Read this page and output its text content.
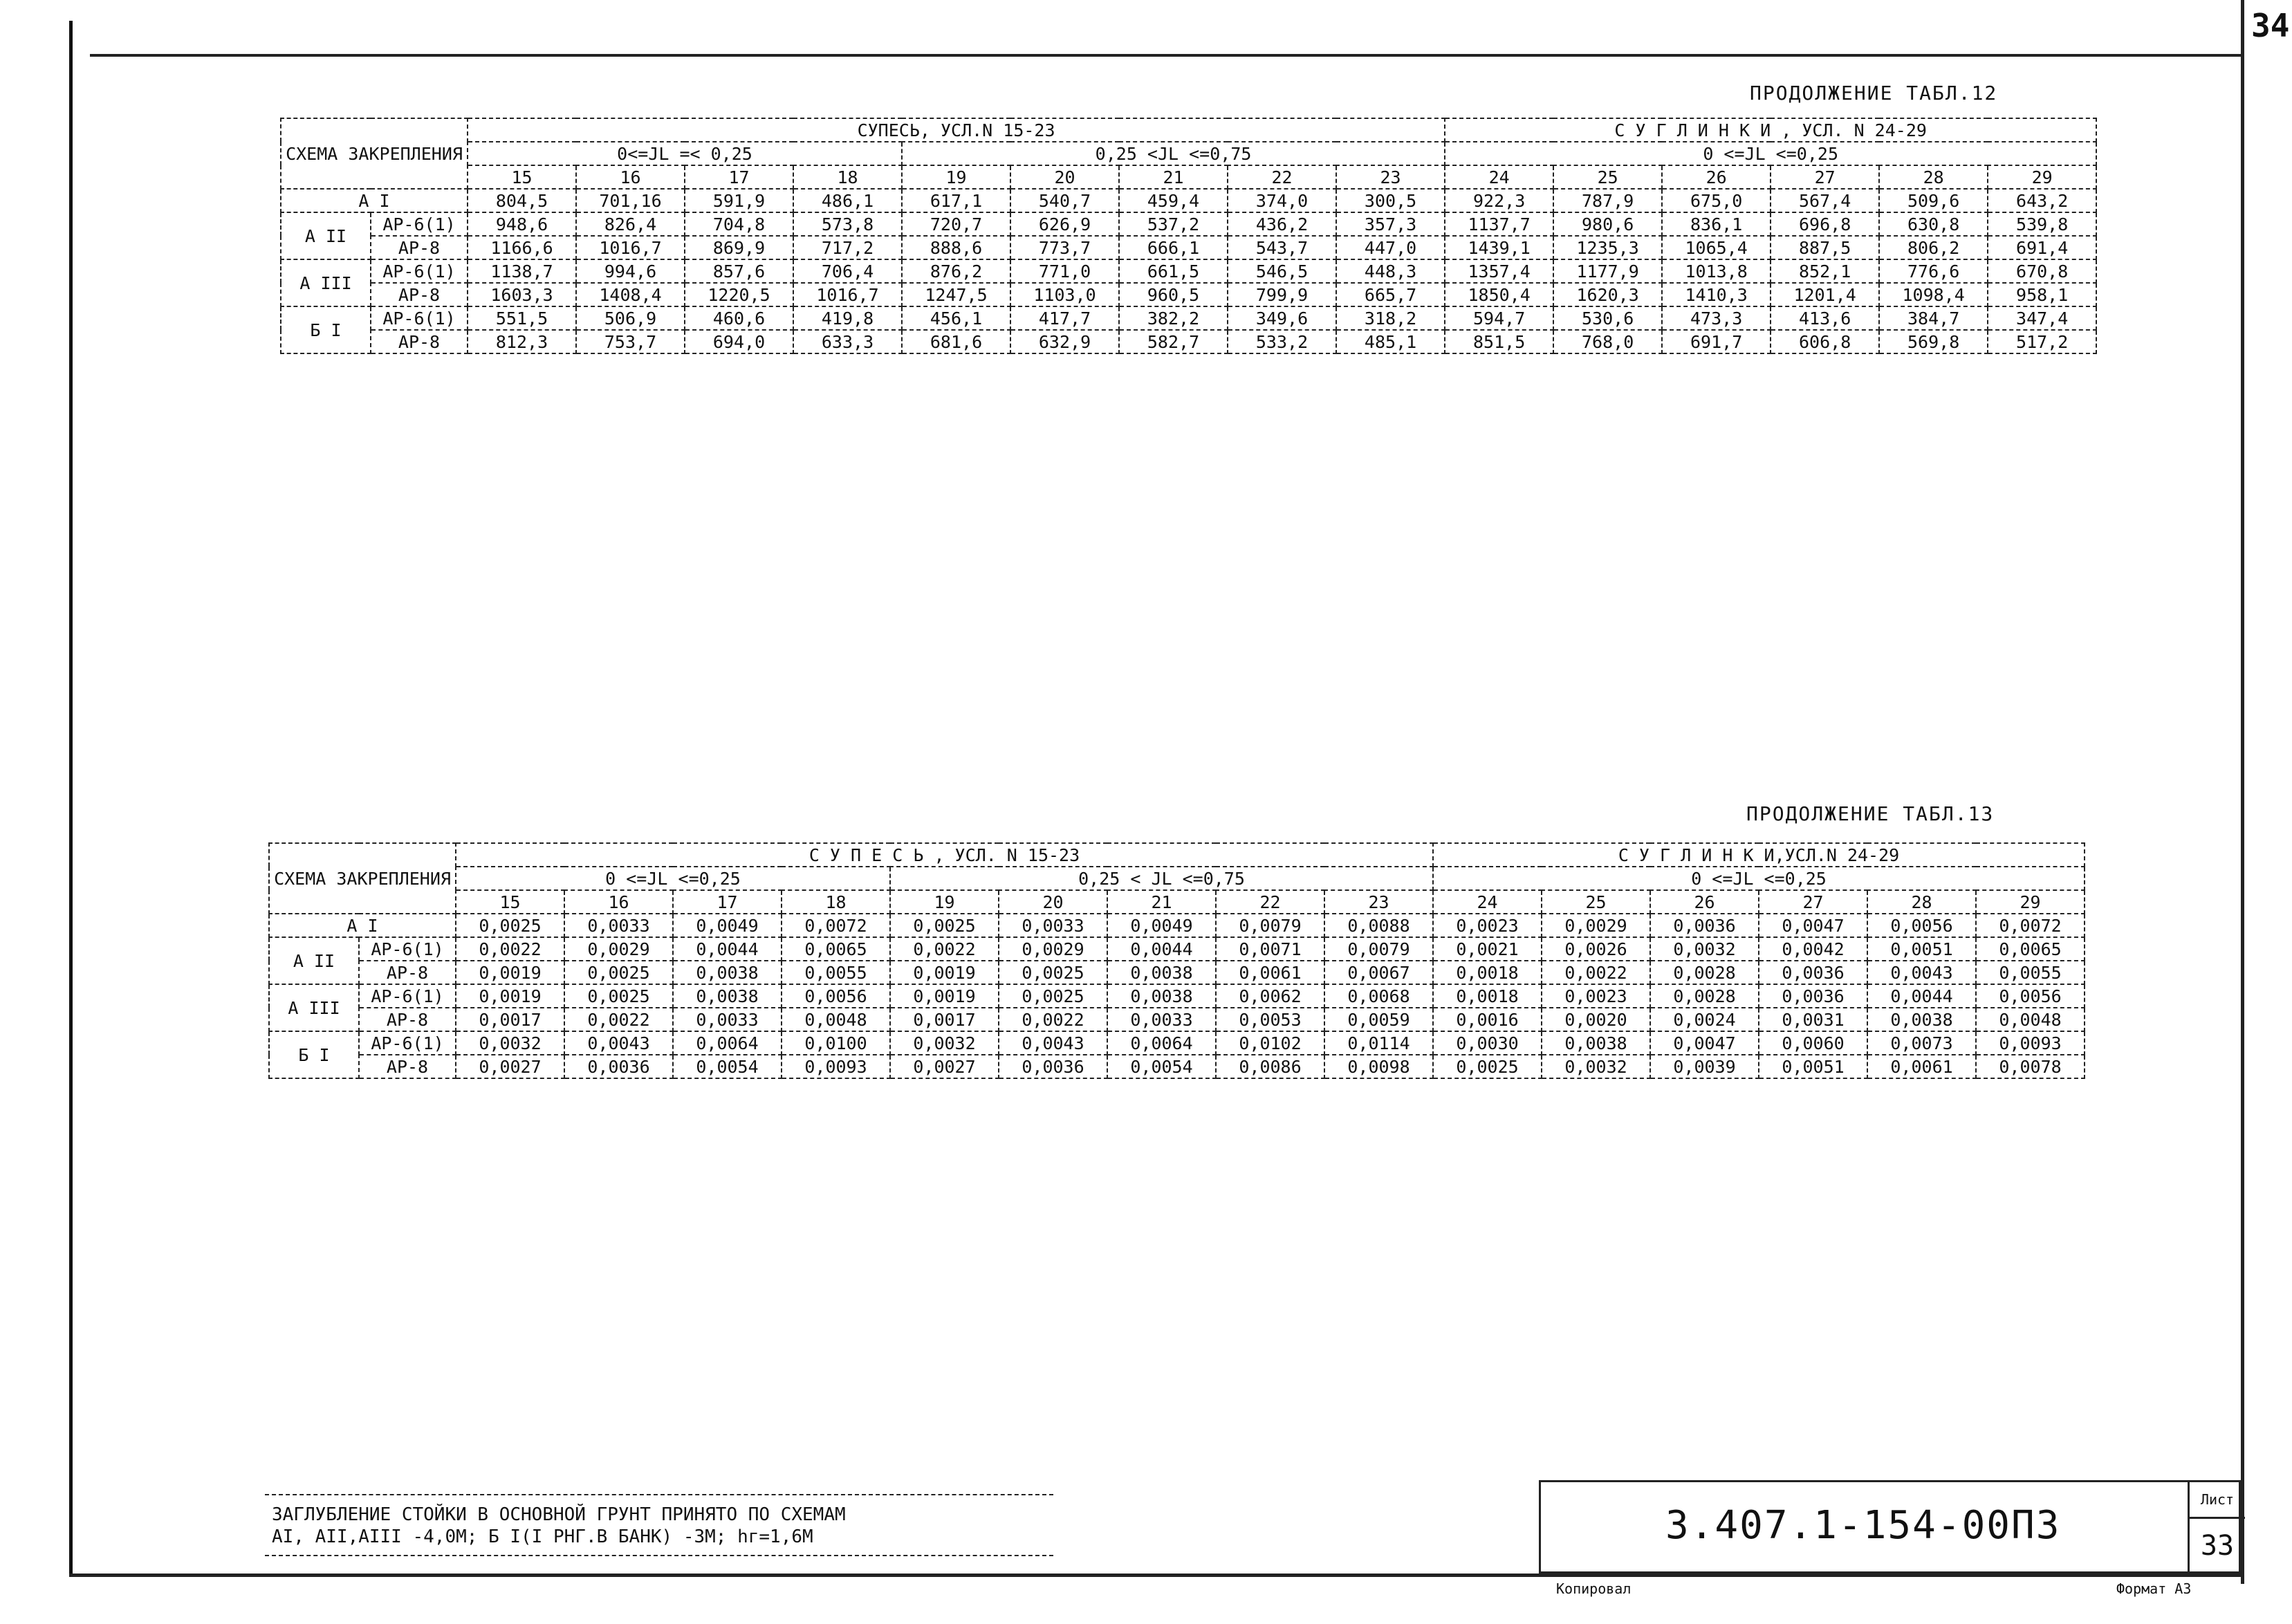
34
ПРОДОЛЖЕНИЕ ТАБЛ.12
СХЕМА ЗАКРЕПЛЕНИЯ		СУПЕСЬ, УСЛ.N 15-23									С У Г Л И Н К И , УСЛ. N 24-29					
		0<=JL =< 0,25				0,25 <JL <=0,75					0 <=JL <=0,25					
		15	16	17	18	19	20	21	22	23	24	25	26	27	28	29
А I		804,5	701,16	591,9	486,1	617,1	540,7	459,4	374,0	300,5	922,3	787,9	675,0	567,4	509,6	643,2
А II	АР-6(1)	948,6	826,4	704,8	573,8	720,7	626,9	537,2	436,2	357,3	1137,7	980,6	836,1	696,8	630,8	539,8
	АР-8	1166,6	1016,7	869,9	717,2	888,6	773,7	666,1	543,7	447,0	1439,1	1235,3	1065,4	887,5	806,2	691,4
А III	АР-6(1)	1138,7	994,6	857,6	706,4	876,2	771,0	661,5	546,5	448,3	1357,4	1177,9	1013,8	852,1	776,6	670,8
	АР-8	1603,3	1408,4	1220,5	1016,7	1247,5	1103,0	960,5	799,9	665,7	1850,4	1620,3	1410,3	1201,4	1098,4	958,1
Б I	АР-6(1)	551,5	506,9	460,6	419,8	456,1	417,7	382,2	349,6	318,2	594,7	530,6	473,3	413,6	384,7	347,4
	АР-8	812,3	753,7	694,0	633,3	681,6	632,9	582,7	533,2	485,1	851,5	768,0	691,7	606,8	569,8	517,2
ПРОДОЛЖЕНИЕ ТАБЛ.13
СХЕМА ЗАКРЕПЛЕНИЯ		С У П Е С Ь , УСЛ. N 15-23									С У Г Л И Н К И,УСЛ.N 24-29					
		0 <=JL <=0,25				0,25 < JL <=0,75					0 <=JL <=0,25					
		15	16	17	18	19	20	21	22	23	24	25	26	27	28	29
А I		0,0025	0,0033	0,0049	0,0072	0,0025	0,0033	0,0049	0,0079	0,0088	0,0023	0,0029	0,0036	0,0047	0,0056	0,0072
А II	АР-6(1)	0,0022	0,0029	0,0044	0,0065	0,0022	0,0029	0,0044	0,0071	0,0079	0,0021	0,0026	0,0032	0,0042	0,0051	0,0065
	АР-8	0,0019	0,0025	0,0038	0,0055	0,0019	0,0025	0,0038	0,0061	0,0067	0,0018	0,0022	0,0028	0,0036	0,0043	0,0055
А III	АР-6(1)	0,0019	0,0025	0,0038	0,0056	0,0019	0,0025	0,0038	0,0062	0,0068	0,0018	0,0023	0,0028	0,0036	0,0044	0,0056
	АР-8	0,0017	0,0022	0,0033	0,0048	0,0017	0,0022	0,0033	0,0053	0,0059	0,0016	0,0020	0,0024	0,0031	0,0038	0,0048
Б I	АР-6(1)	0,0032	0,0043	0,0064	0,0100	0,0032	0,0043	0,0064	0,0102	0,0114	0,0030	0,0038	0,0047	0,0060	0,0073	0,0093
	АР-8	0,0027	0,0036	0,0054	0,0093	0,0027	0,0036	0,0054	0,0086	0,0098	0,0025	0,0032	0,0039	0,0051	0,0061	0,0078
ЗАГЛУБЛЕНИЕ СТОЙКИ В ОСНОВНОЙ ГРУНТ ПРИНЯТО ПО СХЕМАМ
AI, AII,AIII -4,0М; Б I(I РНГ.В БАНК) -3М; hг=1,6М	3.407.1-154-00ПЗ
Лист
33
Копировал	Формат А3
